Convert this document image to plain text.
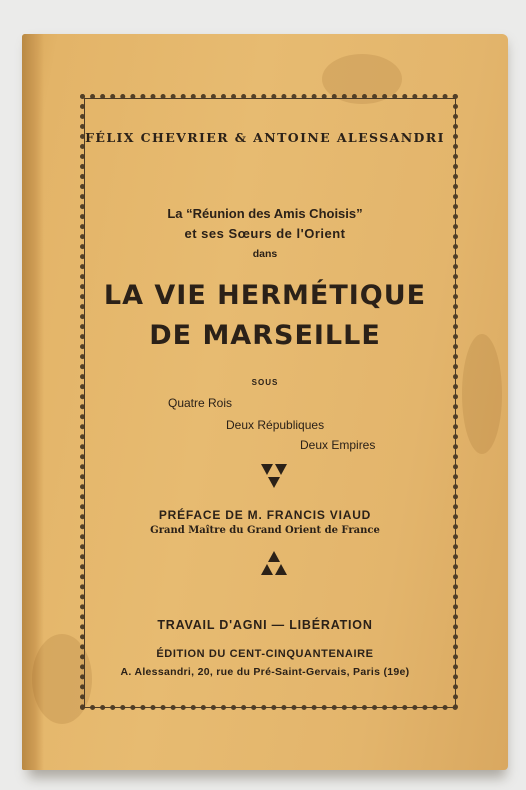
FÉLIX CHEVRIER & ANTOINE ALESSANDRI
La “Réunion des Amis Choisis”
et ses Sœurs de l'Orient
dans
LA VIE HERMÉTIQUE
DE MARSEILLE
SOUS
Quatre Rois
Deux Républiques
Deux Empires
PRÉFACE DE M. FRANCIS VIAUD
Grand Maître du Grand Orient de France
TRAVAIL D'AGNI — LIBÉRATION
ÉDITION DU CENT-CINQUANTENAIRE
A. Alessandri, 20, rue du Pré-Saint-Gervais, Paris (19e)
